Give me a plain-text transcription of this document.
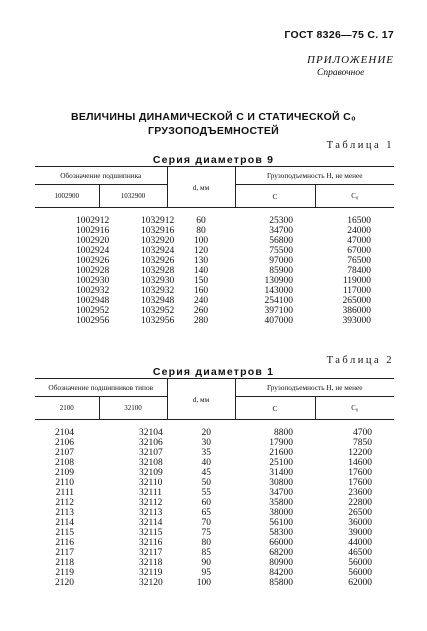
ГОСТ 8326—75 С. 17
ПРИЛОЖЕНИЕ
Справочное
ВЕЛИЧИНЫ ДИНАМИЧЕСКОЙ C И СТАТИЧЕСКОЙ C₀
ГРУЗОПОДЪЕМНОСТЕЙ
Таблица 1
Серия диаметров 9

Обозначение подшипника		d, мм	Грузоподъемность H, не менее	
1002900	1032900		C	C₀

1002912	1032912	60	25300	16500
1002916	1032916	80	34700	24000
1002920	1032920	100	56800	47000
1002924	1032924	120	75500	67000
1002926	1032926	130	97000	76500
1002928	1032928	140	85900	78400
1002930	1032930	150	130900	119000
1002932	1032932	160	143000	117000
1002948	1032948	240	254100	265000
1002952	1032952	260	397100	386000
1002956	1032956	280	407000	393000
Таблица 2
Серия диаметров 1

Обозначение подшипников типов		d, мм	Грузоподъемность H, не менее	
2100	32100		C	C₀

2104	32104	20	8800	4700
2106	32106	30	17900	7850
2107	32107	35	21600	12200
2108	32108	40	25100	14600
2109	32109	45	31400	17600
2110	32110	50	30800	17600
2111	32111	55	34700	23600
2112	32112	60	35800	22800
2113	32113	65	38000	26500
2114	32114	70	56100	36000
2115	32115	75	58300	39000
2116	32116	80	66000	44000
2117	32117	85	68200	46500
2118	32118	90	80900	56000
2119	32119	95	84200	56000
2120	32120	100	85800	62000
